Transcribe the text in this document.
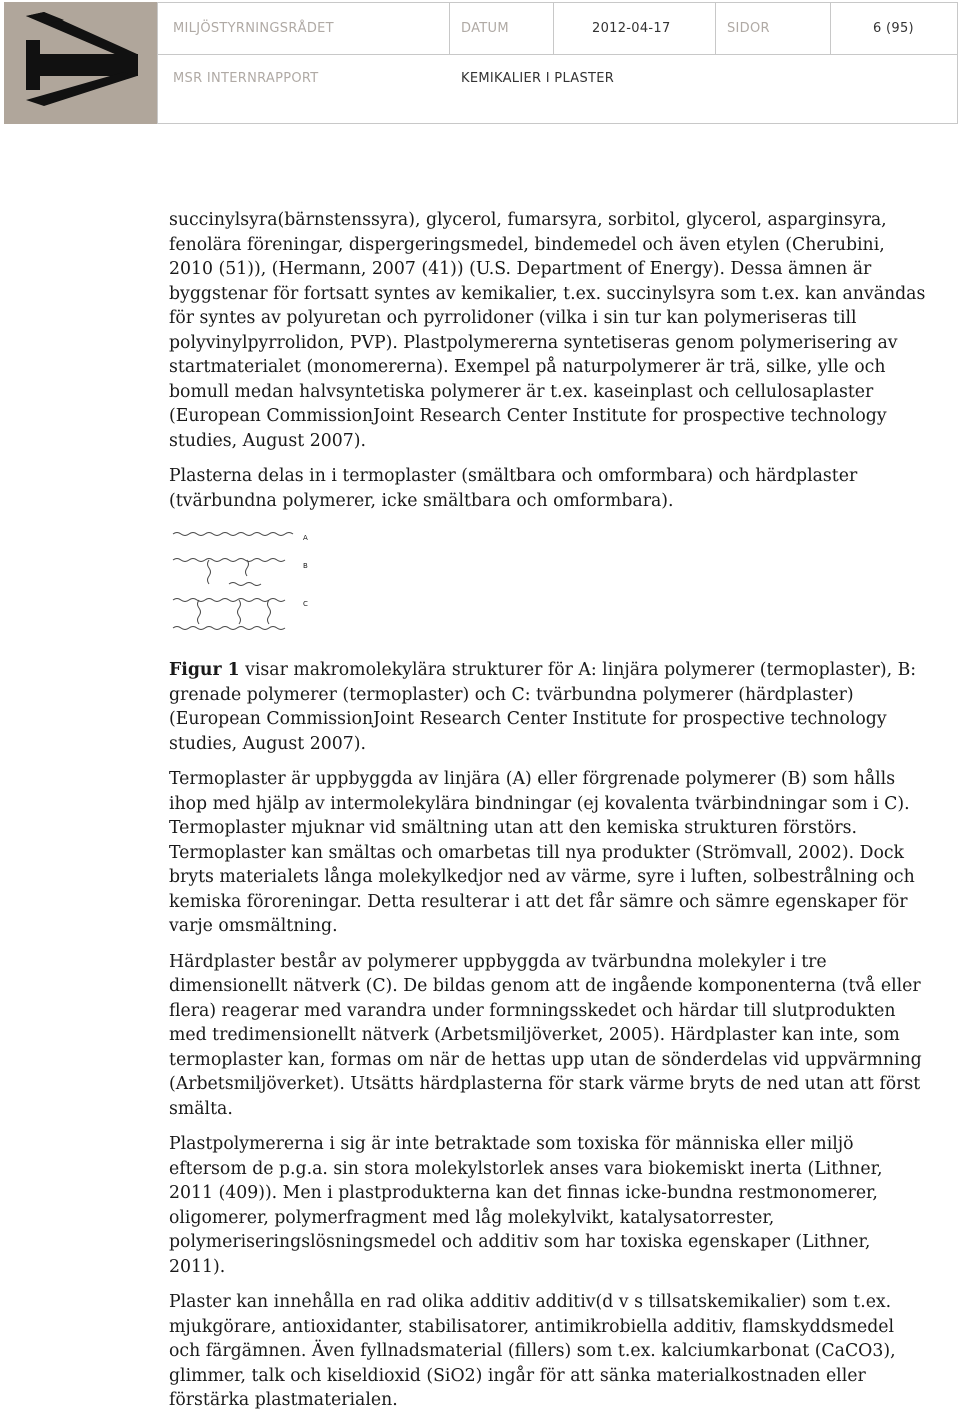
MILJÖSTYRNINGSRÅDET	DATUM	2012-04-17	SIDOR	6 (95)
MSR INTERNRAPPORT	KEMIKALIER I PLASTER

succinylsyra(bärnstenssyra), glycerol, fumarsyra, sorbitol, glycerol, asparginsyra, fenolära föreningar, dispergeringsmedel, bindemedel och även etylen (Cherubini, 2010 (51)), (Hermann, 2007 (41)) (U.S. Department of Energy). Dessa ämnen är byggstenar för fortsatt syntes av kemikalier, t.ex. succinylsyra som t.ex. kan användas för syntes av polyuretan och pyrrolidoner (vilka i sin tur kan polymeriseras till polyvinylpyrrolidon, PVP). Plastpolymererna syntetiseras genom polymerisering av startmaterialet (monomererna). Exempel på naturpolymerer är trä, silke, ylle och bomull medan halvsyntetiska polymerer är t.ex. kaseinplast och cellulosaplaster (European CommissionJoint Research Center Institute for prospective technology studies, August 2007).

Plasterna delas in i termoplaster (smältbara och omformbara) och härdplaster (tvärbundna polymerer, icke smältbara och omformbara).

A
B
C

Figur 1 visar makromolekylära strukturer för A: linjära polymerer (termoplaster), B: grenade polymerer (termoplaster) och C: tvärbundna polymerer (härdplaster) (European CommissionJoint Research Center Institute for prospective technology studies, August 2007).

Termoplaster är uppbyggda av linjära (A) eller förgrenade polymerer (B) som hålls ihop med hjälp av intermolekylära bindningar (ej kovalenta tvärbindningar som i C). Termoplaster mjuknar vid smältning utan att den kemiska strukturen förstörs. Termoplaster kan smältas och omarbetas till nya produkter (Strömvall, 2002). Dock bryts materialets långa molekylkedjor ned av värme, syre i luften, solbestrålning och kemiska föroreningar. Detta resulterar i att det får sämre och sämre egenskaper för varje omsmältning.

Härdplaster består av polymerer uppbyggda av tvärbundna molekyler i tre dimensionellt nätverk (C). De bildas genom att de ingående komponenterna (två eller flera) reagerar med varandra under formningsskedet och härdar till slutprodukten med tredimensionellt nätverk (Arbetsmiljöverket, 2005). Härdplaster kan inte, som termoplaster kan, formas om när de hettas upp utan de sönderdelas vid uppvärmning (Arbetsmiljöverket). Utsätts härdplasterna för stark värme bryts de ned utan att först smälta.

Plastpolymererna i sig är inte betraktade som toxiska för människa eller miljö eftersom de p.g.a. sin stora molekylstorlek anses vara biokemiskt inerta (Lithner, 2011 (409)). Men i plastprodukterna kan det finnas icke-bundna restmonomerer, oligomerer, polymerfragment med låg molekylvikt, katalysatorrester, polymeriseringslösningsmedel och additiv som har toxiska egenskaper (Lithner, 2011).

Plaster kan innehålla en rad olika additiv additiv(d v s tillsatskemikalier) som t.ex. mjukgörare, antioxidanter, stabilisatorer, antimikrobiella additiv, flamskyddsmedel och färgämnen. Även fyllnadsmaterial (fillers) som t.ex. kalciumkarbonat (CaCO3), glimmer, talk och kiseldioxid (SiO2) ingår för att sänka materialkostnaden eller förstärka plastmaterialen.
